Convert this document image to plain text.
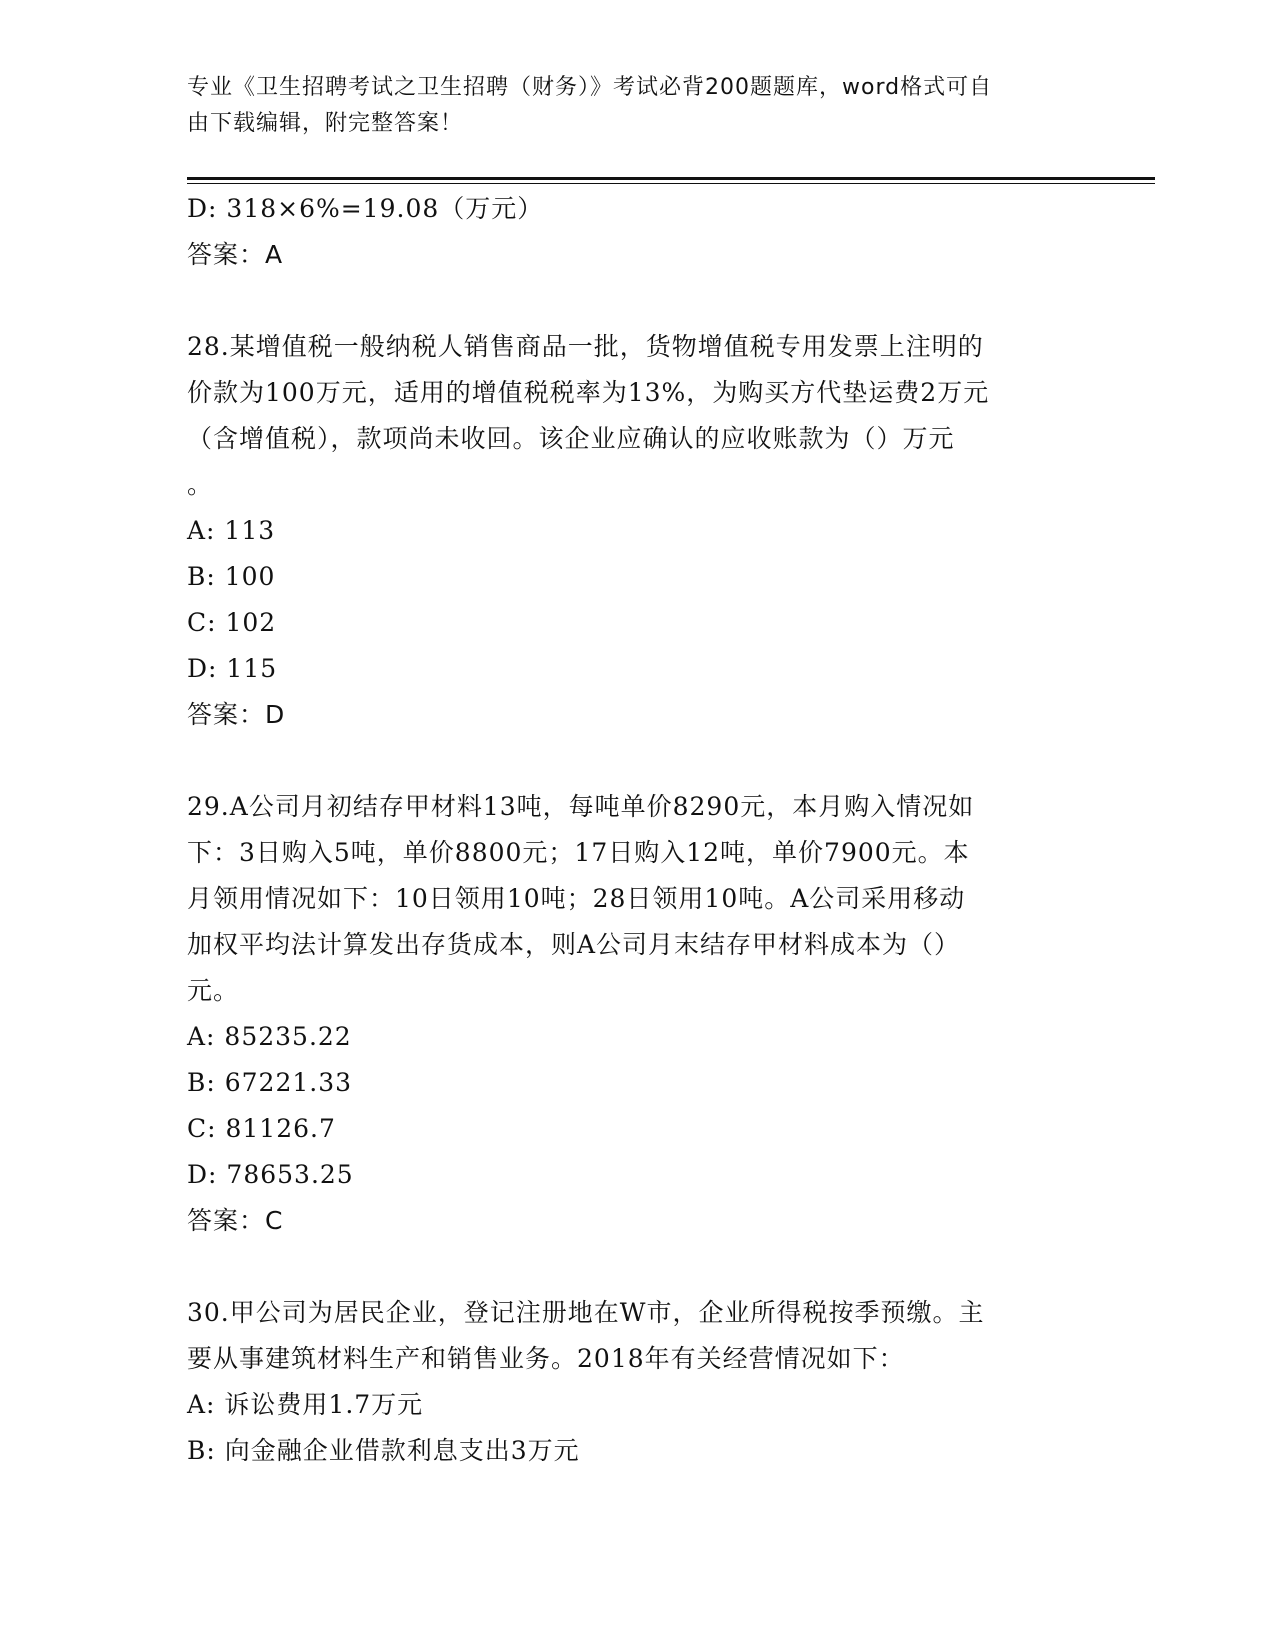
专业《卫生招聘考试之卫生招聘（财务）》考试必背200题题库，word格式可自
由下载编辑，附完整答案！
D: 318×6%=19.08（万元）
答案：A
28.某增值税一般纳税人销售商品一批，货物增值税专用发票上注明的
价款为100万元，适用的增值税税率为13%，为购买方代垫运费2万元
（含增值税），款项尚未收回。该企业应确认的应收账款为（）万元
。
A: 113
B: 100
C: 102
D: 115
答案：D
29.A公司月初结存甲材料13吨，每吨单价8290元，本月购入情况如
下：3日购入5吨，单价8800元；17日购入12吨，单价7900元。本
月领用情况如下：10日领用10吨；28日领用10吨。A公司采用移动
加权平均法计算发出存货成本，则A公司月末结存甲材料成本为（）
元。
A: 85235.22
B: 67221.33
C: 81126.7
D: 78653.25
答案：C
30.甲公司为居民企业，登记注册地在W市，企业所得税按季预缴。主
要从事建筑材料生产和销售业务。2018年有关经营情况如下：
A: 诉讼费用1.7万元
B: 向金融企业借款利息支出3万元
